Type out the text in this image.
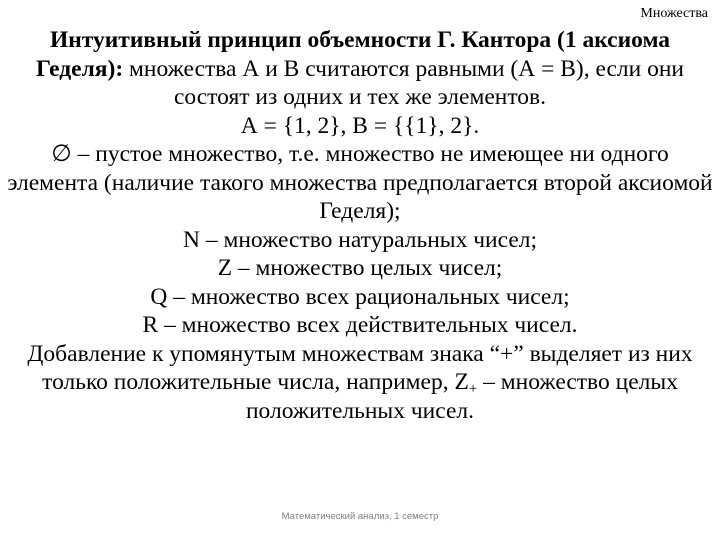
Множества

Интуитивный принцип объемности Г. Кантора (1 аксиома Геделя): множества А и В считаются равными (А = В), если они состоят из одних и тех же элементов.

А = {1, 2}, В = {{1}, 2}.

∅ – пустое множество, т.е. множество не имеющее ни одного элемента (наличие такого множества предполагается второй аксиомой Геделя);

N – множество натуральных чисел;

Z – множество целых чисел;

Q – множество всех рациональных чисел;

R – множество всех действительных чисел.

Добавление к упомянутым множествам знака “+” выделяет из них только положительные числа, например, $Z_+$ – множество целых положительных чисел.

Математический анализ, 1 семестр
